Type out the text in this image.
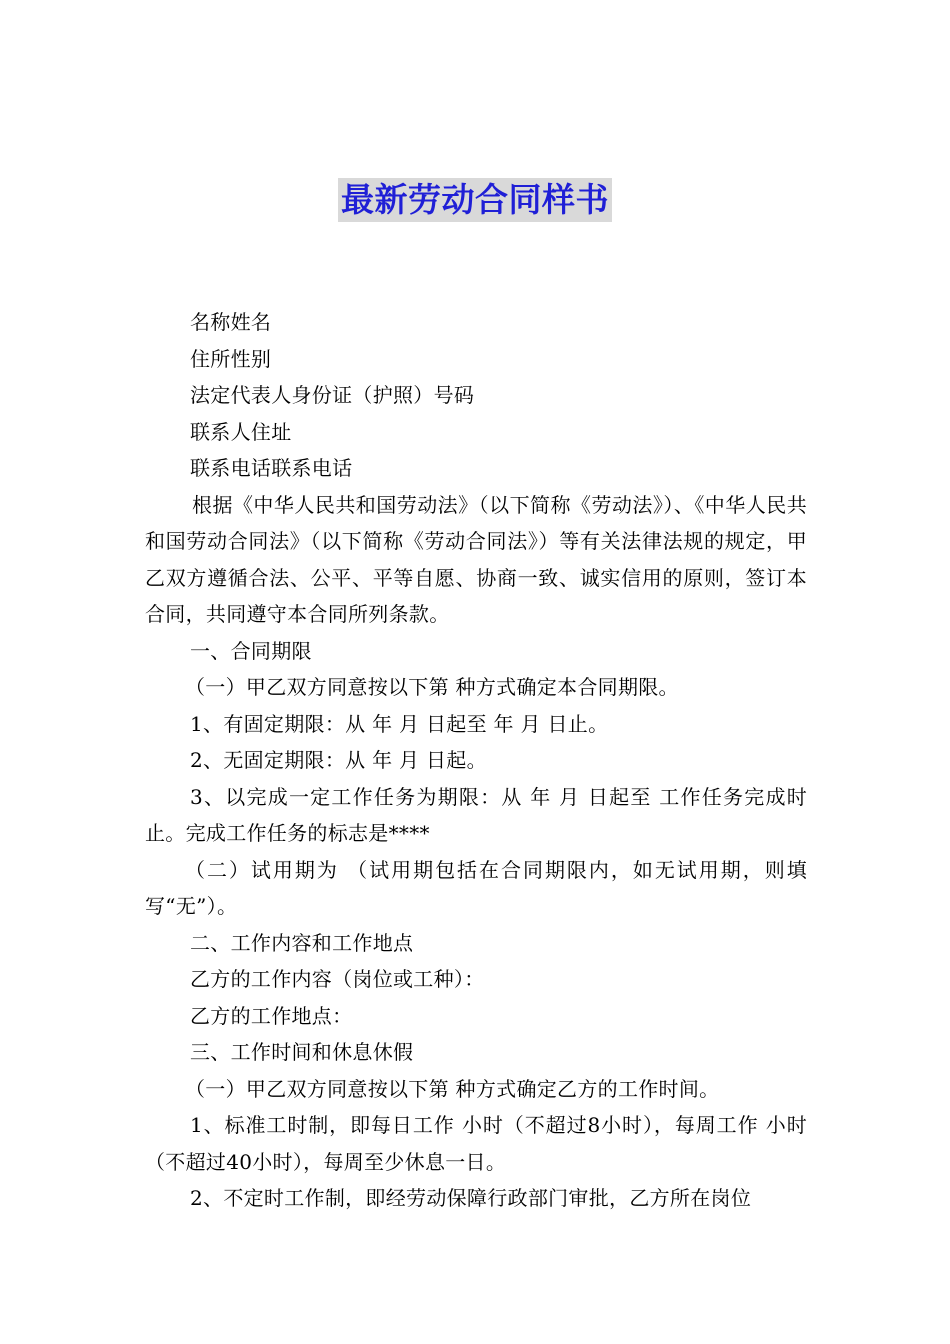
最新劳动合同样书

名称姓名

住所性别

法定代表人身份证（护照）号码

联系人住址

联系电话联系电话

根据《中华人民共和国劳动法》（以下简称《劳动法》）、《中华人民共和国劳动合同法》（以下简称《劳动合同法》）等有关法律法规的规定，甲乙双方遵循合法、公平、平等自愿、协商一致、诚实信用的原则，签订本合同，共同遵守本合同所列条款。

一、合同期限

（一）甲乙双方同意按以下第 种方式确定本合同期限。

1、有固定期限：从 年 月 日起至 年 月 日止。

2、无固定期限：从 年 月 日起。

3、以完成一定工作任务为期限：从 年 月 日起至 工作任务完成时止。完成工作任务的标志是****

（二）试用期为 （试用期包括在合同期限内，如无试用期，则填写“无”）。

二、工作内容和工作地点

乙方的工作内容（岗位或工种）：

乙方的工作地点：

三、工作时间和休息休假

（一）甲乙双方同意按以下第 种方式确定乙方的工作时间。

1、标准工时制，即每日工作 小时（不超过8小时），每周工作 小时（不超过40小时），每周至少休息一日。

2、不定时工作制，即经劳动保障行政部门审批，乙方所在岗位
